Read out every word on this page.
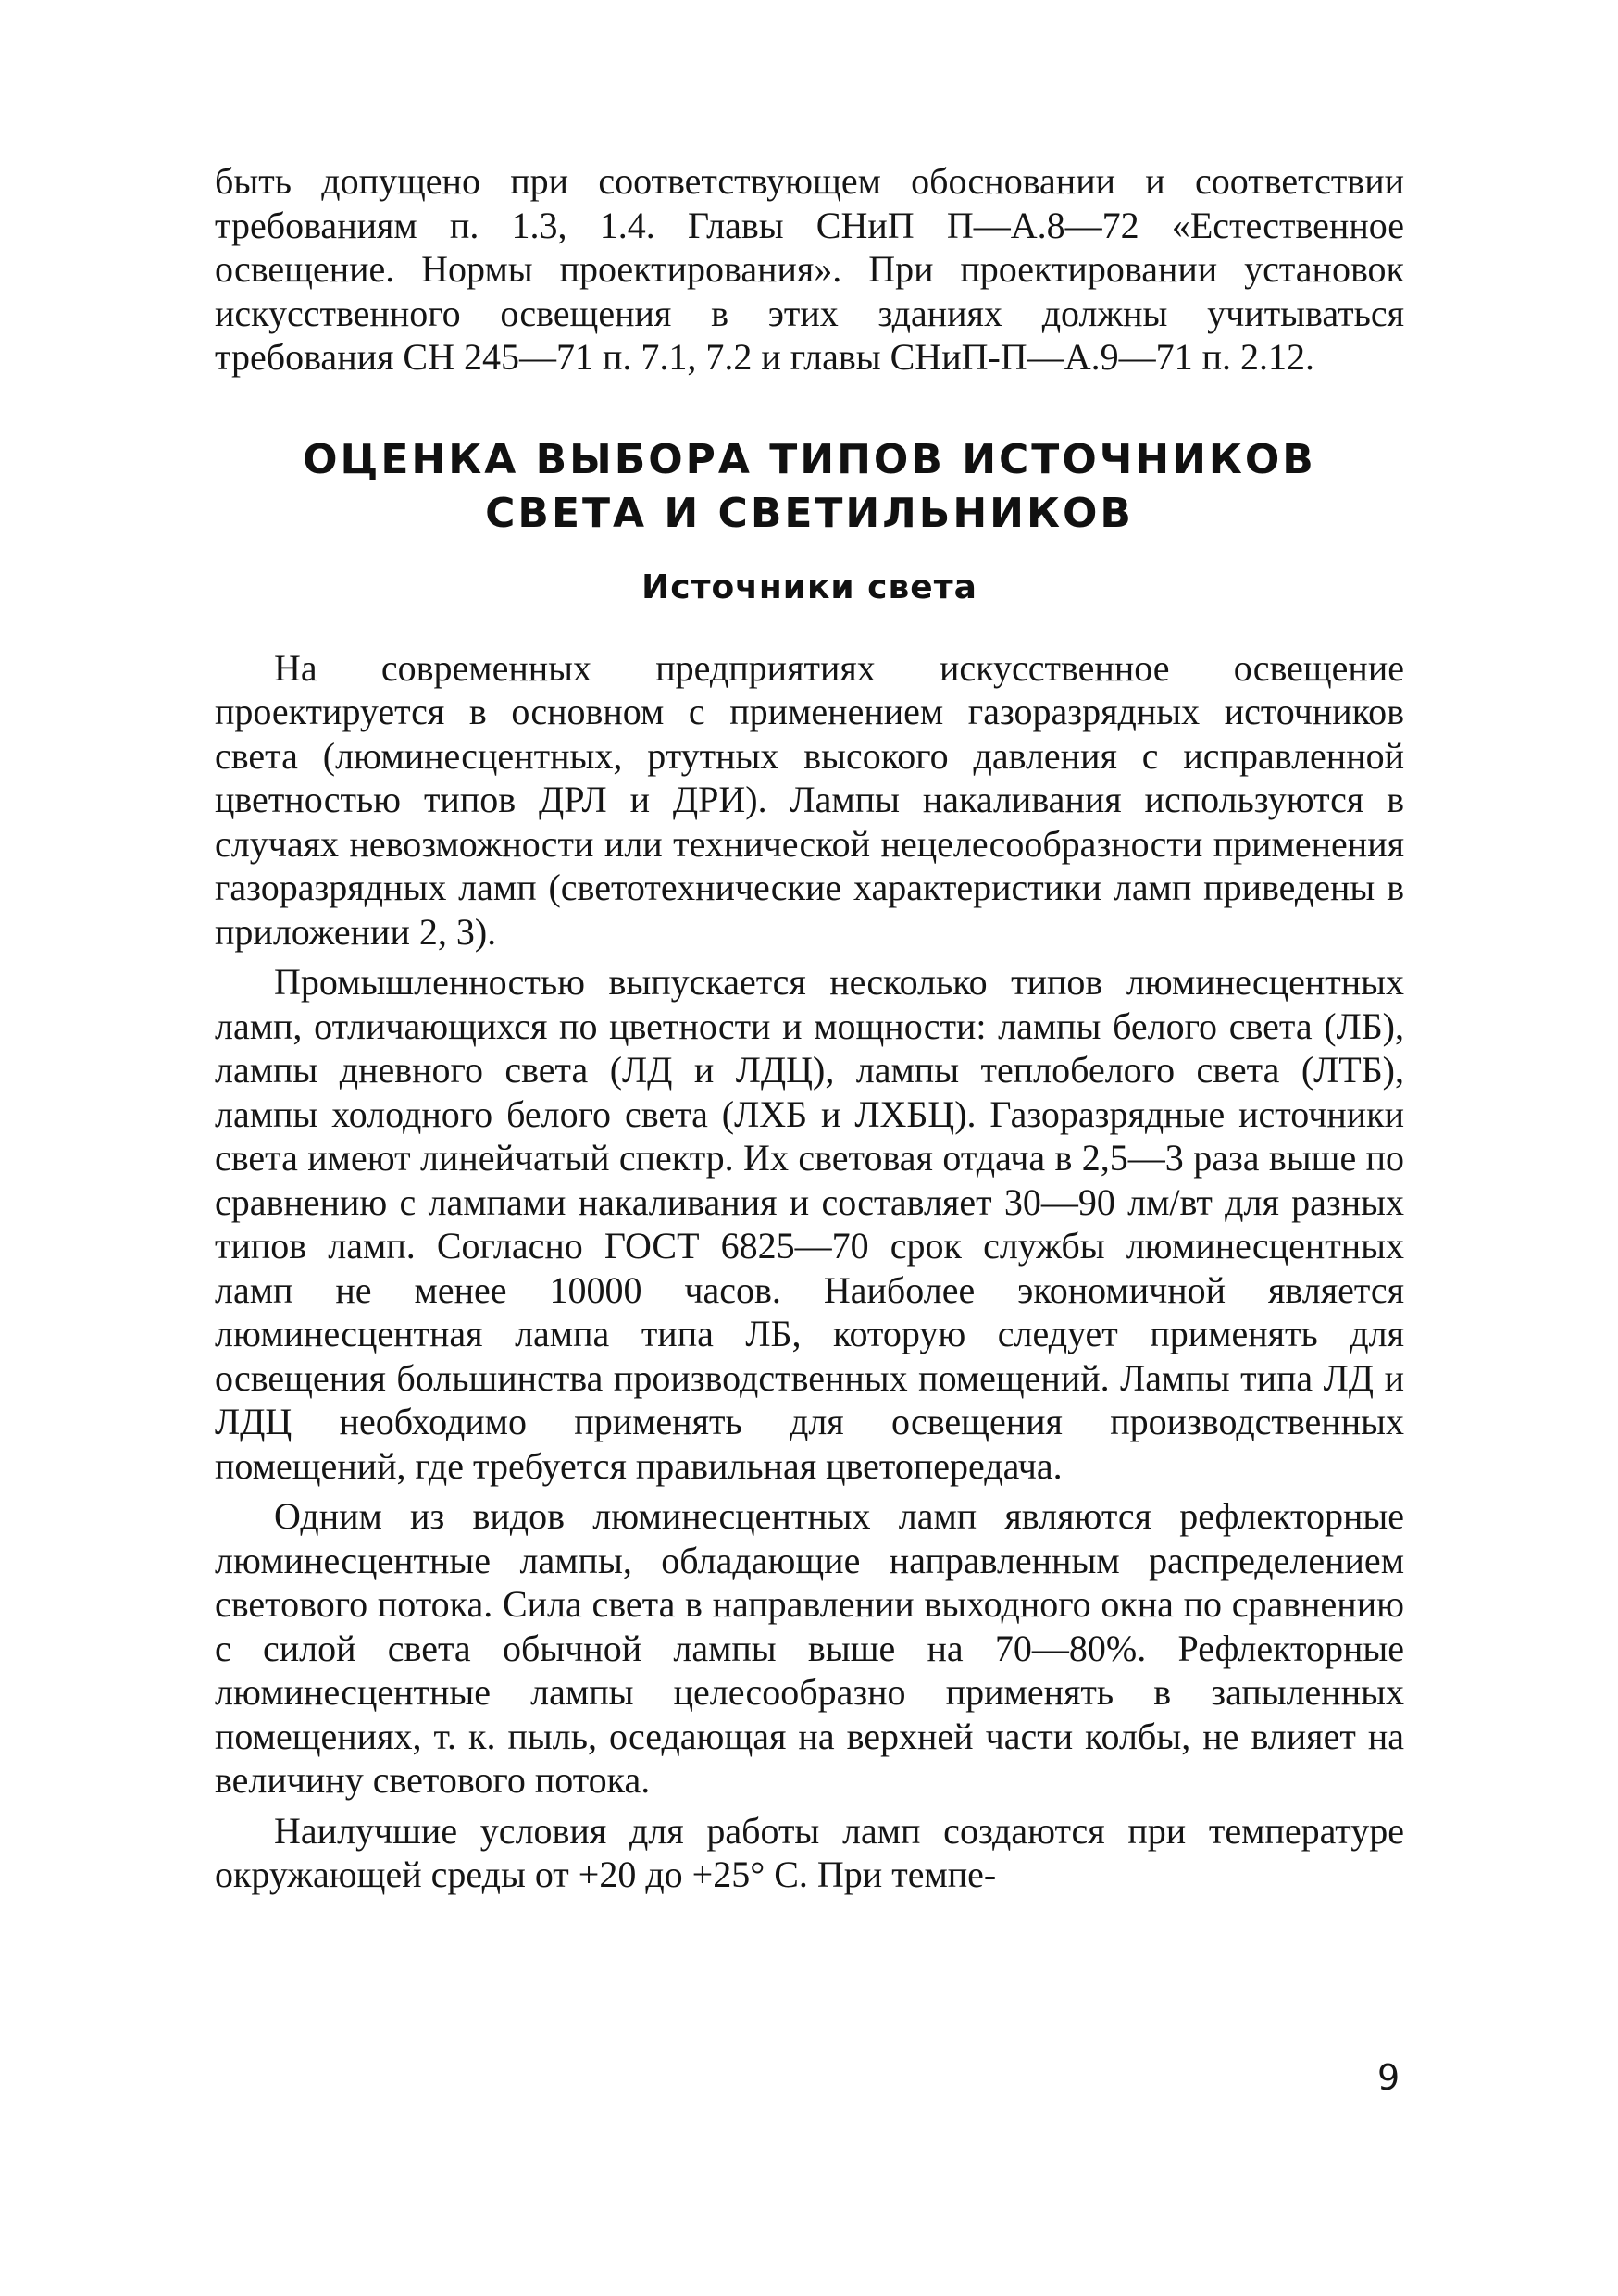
быть допущено при соответствующем обосновании и соответствии требованиям п. 1.3, 1.4. Главы СНиП П—А.8—72 «Естественное освещение. Нормы проектирования». При проектировании установок искусственного освещения в этих зданиях должны учитываться требования СН 245—71 п. 7.1, 7.2 и главы СНиП-П—А.9—71 п. 2.12.

ОЦЕНКА ВЫБОРА ТИПОВ ИСТОЧНИКОВ

СВЕТА И СВЕТИЛЬНИКОВ

Источники света

На современных предприятиях искусственное освещение проектируется в основном с применением газоразрядных источников света (люминесцентных, ртутных высокого давления с исправленной цветностью типов ДРЛ и ДРИ). Лампы накаливания используются в случаях невозможности или технической нецелесообразности применения газоразрядных ламп (светотехнические характеристики ламп приведены в приложении 2, 3).

Промышленностью выпускается несколько типов люминесцентных ламп, отличающихся по цветности и мощности: лампы белого света (ЛБ), лампы дневного света (ЛД и ЛДЦ), лампы теплобелого света (ЛТБ), лампы холодного белого света (ЛХБ и ЛХБЦ). Газоразрядные источники света имеют линейчатый спектр. Их световая отдача в 2,5—3 раза выше по сравнению с лампами накаливания и составляет 30—90 лм/вт для разных типов ламп. Согласно ГОСТ 6825—70 срок службы люминесцентных ламп не менее 10000 часов. Наиболее экономичной является люминесцентная лампа типа ЛБ, которую следует применять для освещения большинства производственных помещений. Лампы типа ЛД и ЛДЦ необходимо применять для освещения производственных помещений, где требуется правильная цветопередача.

Одним из видов люминесцентных ламп являются рефлекторные люминесцентные лампы, обладающие направленным распределением светового потока. Сила света в направлении выходного окна по сравнению с силой света обычной лампы выше на 70—80%. Рефлекторные люминесцентные лампы целесообразно применять в запыленных помещениях, т. к. пыль, оседающая на верхней части колбы, не влияет на величину светового потока.

Наилучшие условия для работы ламп создаются при температуре окружающей среды от +20 до +25° С. При темпе-

9
